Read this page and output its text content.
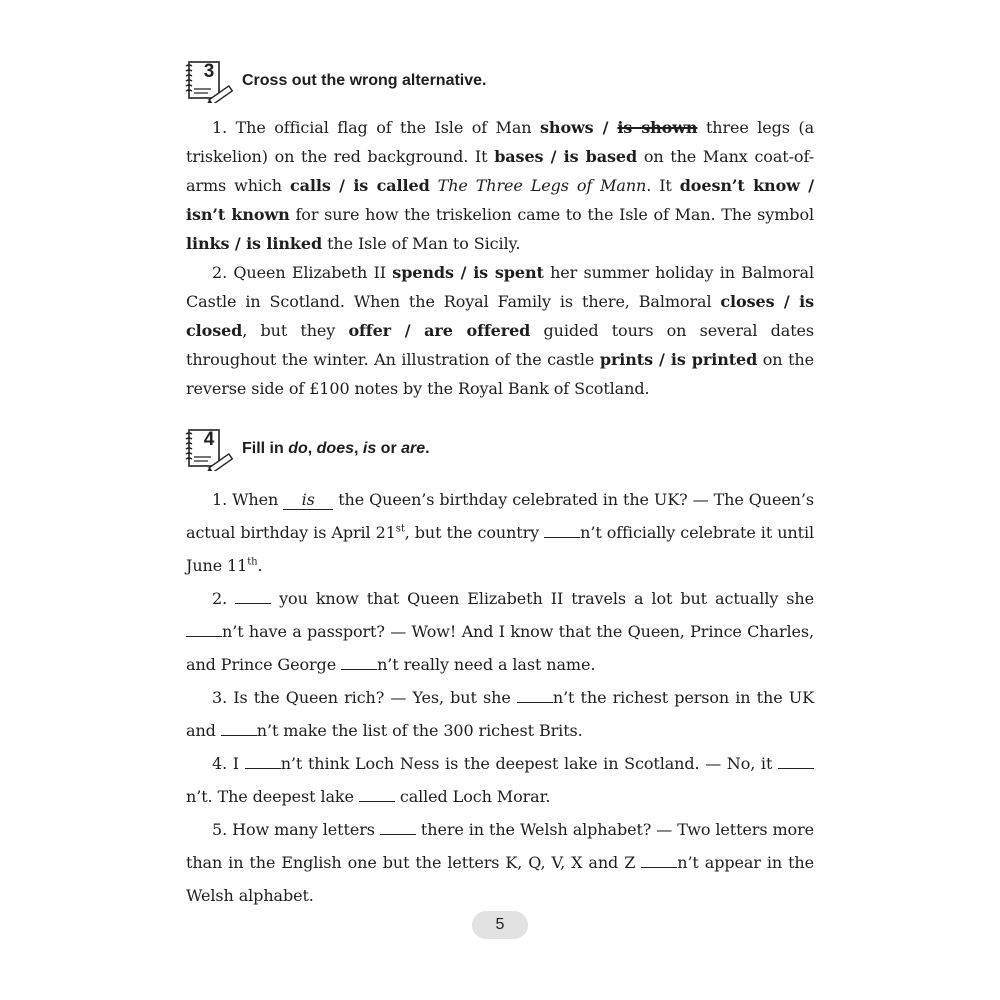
3 Cross out the wrong alternative.

1. The official flag of the Isle of Man shows / is shown three legs (a triskelion) on the red background. It bases / is based on the Manx coat-of-arms which calls / is called The Three Legs of Mann. It doesn’t know / isn’t known for sure how the triskelion came to the Isle of Man. The symbol links / is linked the Isle of Man to Sicily.

2. Queen Elizabeth II spends / is spent her summer holiday in Balmoral Castle in Scotland. When the Royal Family is there, Balmoral closes / is closed, but they offer / are offered guided tours on several dates throughout the winter. An illustration of the castle prints / is printed on the reverse side of £100 notes by the Royal Bank of Scotland.

4 Fill in do, does, is or are.

1. When is the Queen’s birthday celebrated in the UK? — The Queen’s actual birthday is April 21st, but the country n’t officially celebrate it until June 11th.

2.  you know that Queen Elizabeth II travels a lot but actually she n’t have a passport? — Wow! And I know that the Queen, Prince Charles, and Prince George n’t really need a last name.

3. Is the Queen rich? — Yes, but she n’t the richest person in the UK and n’t make the list of the 300 richest Brits.

4. I n’t think Loch Ness is the deepest lake in Scotland. — No, it n’t. The deepest lake  called Loch Morar.

5. How many letters  there in the Welsh alphabet? — Two letters more than in the English one but the letters K, Q, V, X and Z n’t appear in the Welsh alphabet.

5
